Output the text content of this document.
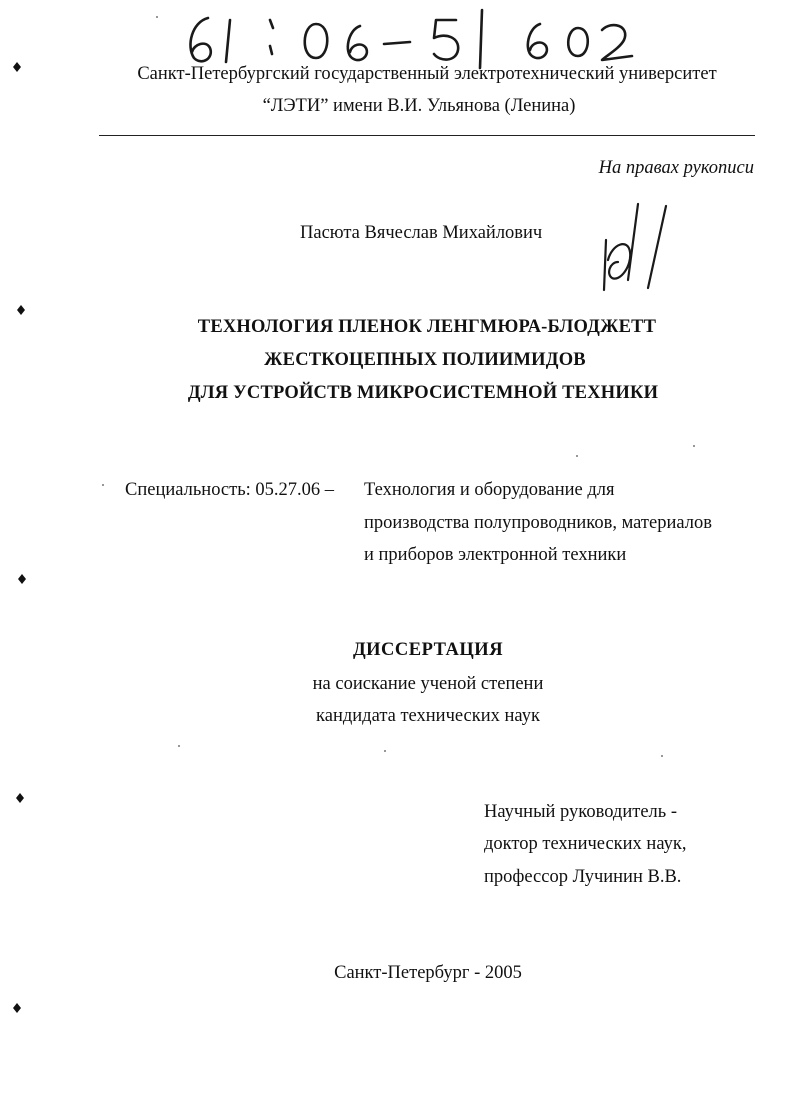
Санкт-Петербургский государственный электротехнический университет
“ЛЭТИ” имени В.И. Ульянова (Ленина)
На правах рукописи
Пасюта Вячеслав Михайлович
ТЕХНОЛОГИЯ ПЛЕНОК ЛЕНГМЮРА-БЛОДЖЕТТ
ЖЕСТКОЦЕПНЫХ ПОЛИИМИДОВ
ДЛЯ УСТРОЙСТВ МИКРОСИСТЕМНОЙ ТЕХНИКИ
Специальность: 05.27.06 – Технология и оборудование для
производства полупроводников, материалов
и приборов электронной техники
ДИССЕРТАЦИЯ
на соискание ученой степени
кандидата технических наук
Научный руководитель -
доктор технических наук,
профессор Лучинин В.В.
Санкт-Петербург - 2005
